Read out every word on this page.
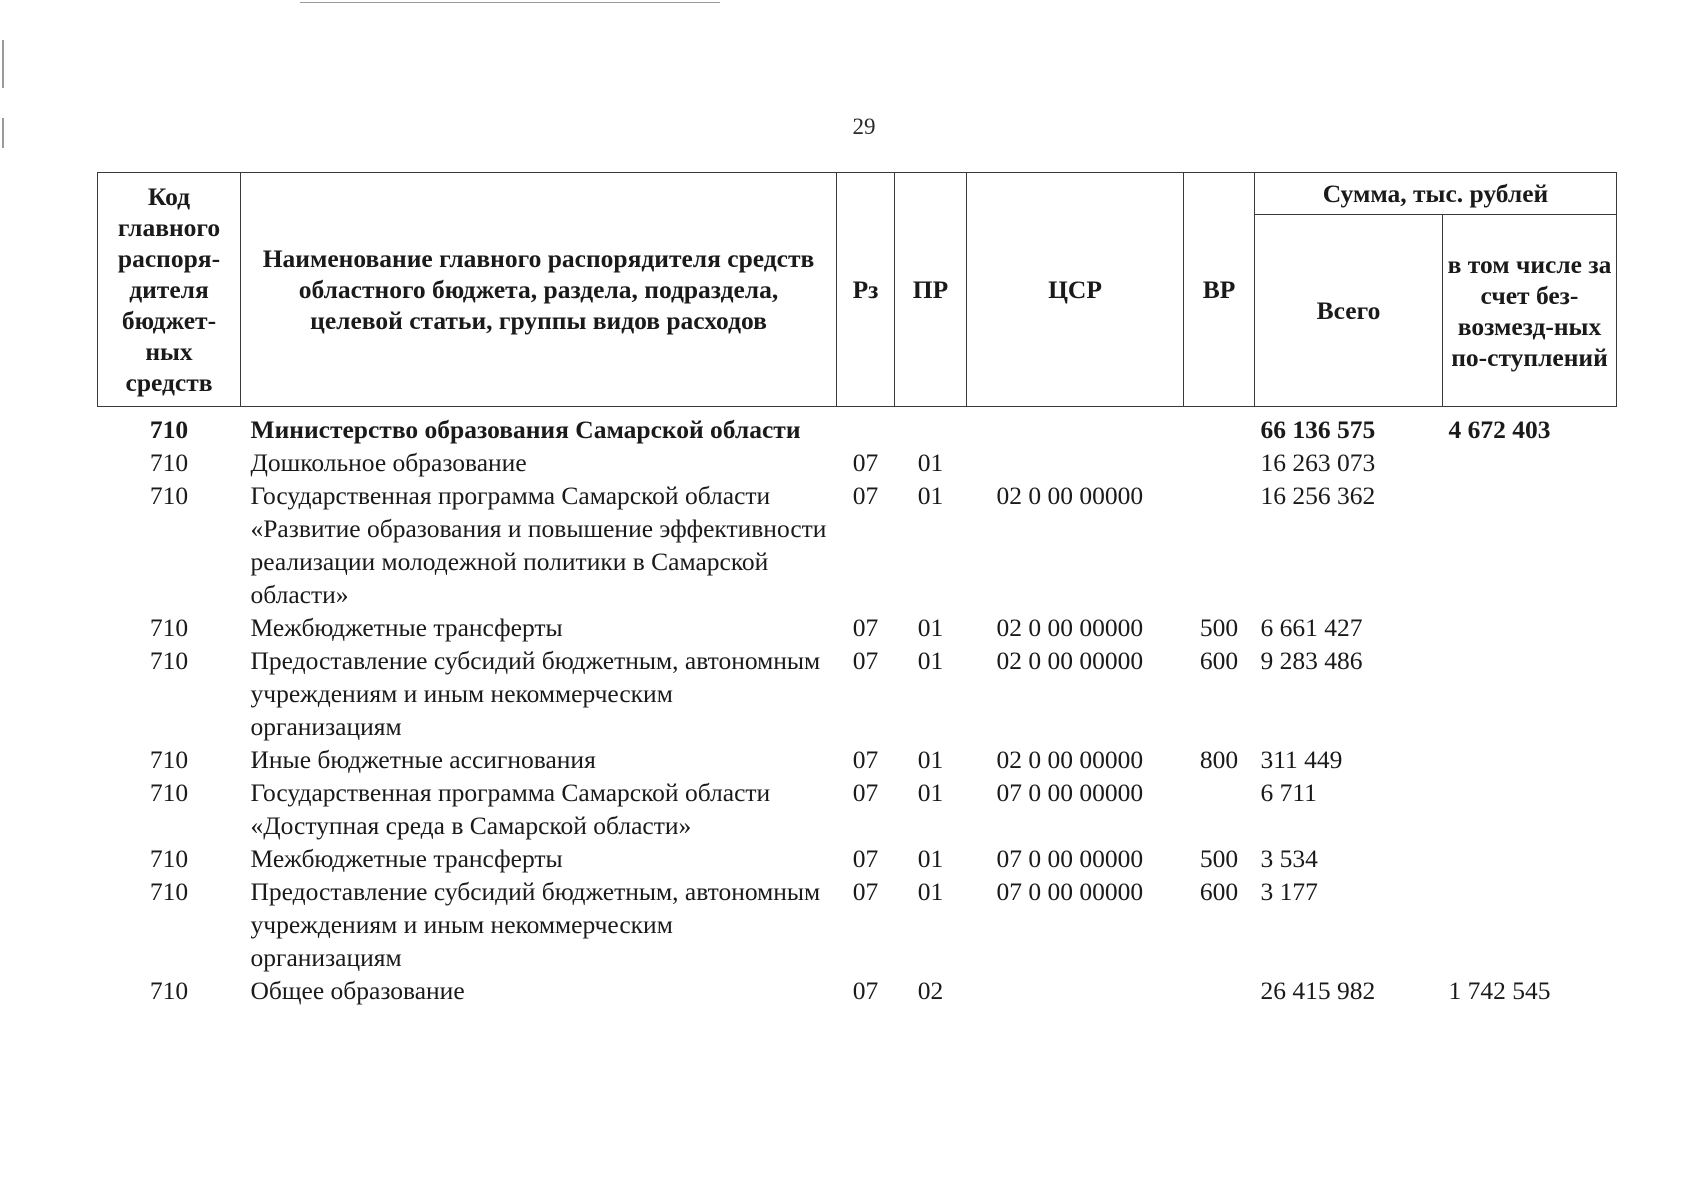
29
Код главного распоря-дителя бюджет-ных средств	Наименование главного распорядителя средств областного бюджета, раздела, подраздела, целевой статьи, группы видов расходов	Рз	ПР	ЦСР	ВР	Сумма, тыс. рублей	
						Всего	в том числе за счет без-возмезд-ных по-ступлений
710	Министерство образования Самарской области					66 136 575	4 672 403
710	Дошкольное образование	07	01			16 263 073	
710	Государственная программа Самарской области «Развитие образования и повышение эффективности реализации молодежной политики в Самарской области»	07	01	02 0 00 00000		16 256 362	
710	Межбюджетные трансферты	07	01	02 0 00 00000	500	6 661 427	
710	Предоставление субсидий бюджетным, автономным учреждениям и иным некоммерческим организациям	07	01	02 0 00 00000	600	9 283 486	
710	Иные бюджетные ассигнования	07	01	02 0 00 00000	800	311 449	
710	Государственная программа Самарской области «Доступная среда в Самарской области»	07	01	07 0 00 00000		6 711	
710	Межбюджетные трансферты	07	01	07 0 00 00000	500	3 534	
710	Предоставление субсидий бюджетным, автономным учреждениям и иным некоммерческим организациям	07	01	07 0 00 00000	600	3 177	
710	Общее образование	07	02			26 415 982	1 742 545
